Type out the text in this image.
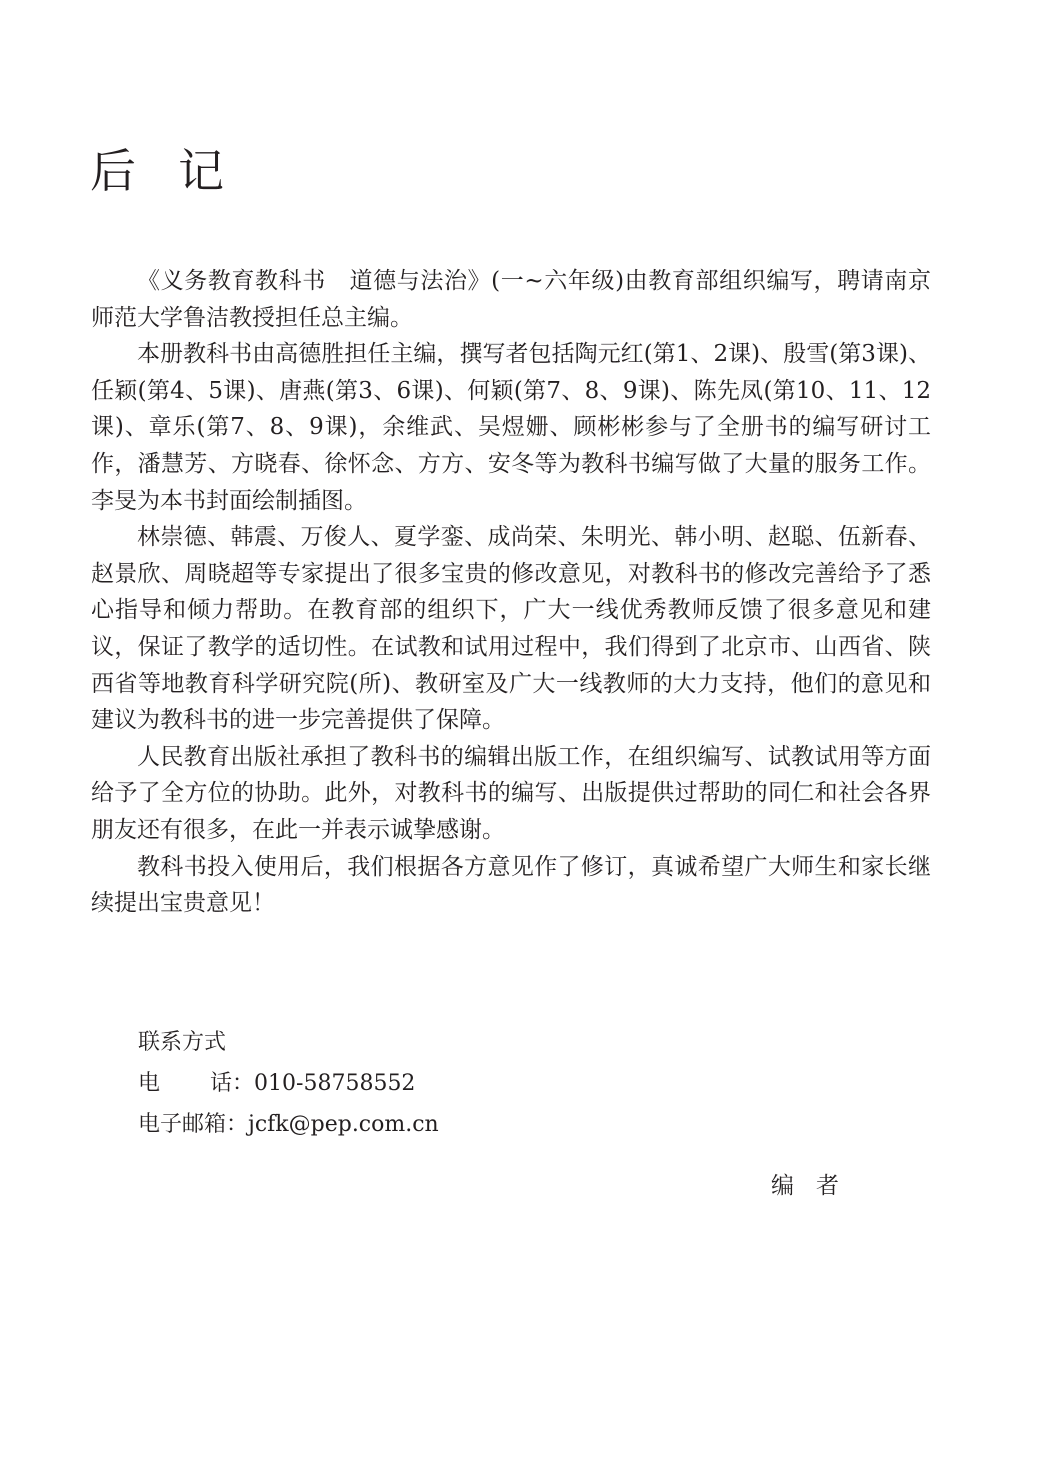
后 记

《义务教育教科书　道德与法治》(一~六年级)由教育部组织编写，聘请南京师范大学鲁洁教授担任总主编。

本册教科书由高德胜担任主编，撰写者包括陶元红(第1、2课)、殷雪(第3课)、任颖(第4、5课)、唐燕(第3、6课)、何颖(第7、8、9课)、陈先凤(第10、11、12课)、章乐(第7、8、9课)，余维武、吴煜姗、顾彬彬参与了全册书的编写研讨工作，潘慧芳、方晓春、徐怀念、方方、安冬等为教科书编写做了大量的服务工作。李旻为本书封面绘制插图。

林崇德、韩震、万俊人、夏学銮、成尚荣、朱明光、韩小明、赵聪、伍新春、赵景欣、周晓超等专家提出了很多宝贵的修改意见，对教科书的修改完善给予了悉心指导和倾力帮助。在教育部的组织下，广大一线优秀教师反馈了很多意见和建议，保证了教学的适切性。在试教和试用过程中，我们得到了北京市、山西省、陕西省等地教育科学研究院(所)、教研室及广大一线教师的大力支持，他们的意见和建议为教科书的进一步完善提供了保障。

人民教育出版社承担了教科书的编辑出版工作，在组织编写、试教试用等方面给予了全方位的协助。此外，对教科书的编写、出版提供过帮助的同仁和社会各界朋友还有很多，在此一并表示诚挚感谢。

教科书投入使用后，我们根据各方意见作了修订，真诚希望广大师生和家长继续提出宝贵意见！

联系方式
电 话：010-58758552
电子邮箱：jcfk@pep.com.cn
编 者
